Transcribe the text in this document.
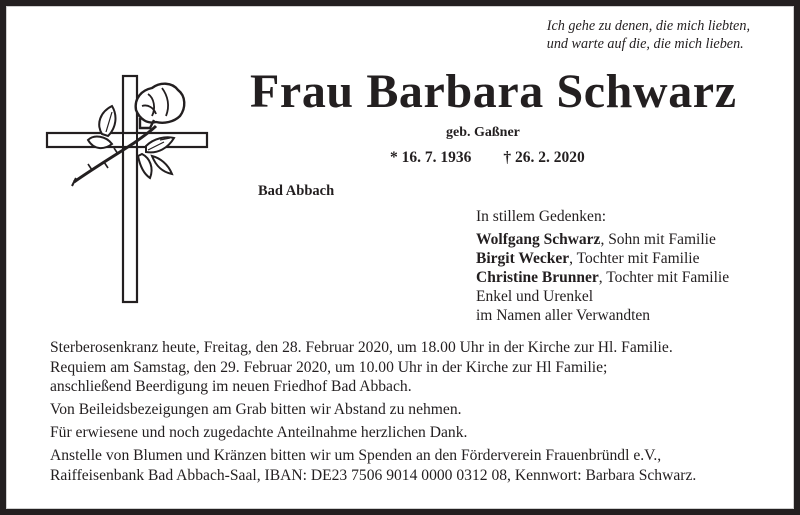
Ich gehe zu denen, die mich liebten,
und warte auf die, die mich lieben.
Frau Barbara Schwarz
geb. Gaßner
* 16. 7. 1936 † 26. 2. 2020
Bad Abbach
In stillem Gedenken:
Wolfgang Schwarz, Sohn mit Familie
Birgit Wecker, Tochter mit Familie
Christine Brunner, Tochter mit Familie
Enkel und Urenkel
im Namen aller Verwandten
Sterberosenkranz heute, Freitag, den 28. Februar 2020, um 18.00 Uhr in der Kirche zur Hl. Familie.
Requiem am Samstag, den 29. Februar 2020, um 10.00 Uhr in der Kirche zur Hl Familie;
anschließend Beerdigung im neuen Friedhof Bad Abbach.
Von Beileidsbezeigungen am Grab bitten wir Abstand zu nehmen.
Für erwiesene und noch zugedachte Anteilnahme herzlichen Dank.
Anstelle von Blumen und Kränzen bitten wir um Spenden an den Förderverein Frauenbründl e.V.,
Raiffeisenbank Bad Abbach-Saal, IBAN: DE23 7506 9014 0000 0312 08, Kennwort: Barbara Schwarz.
